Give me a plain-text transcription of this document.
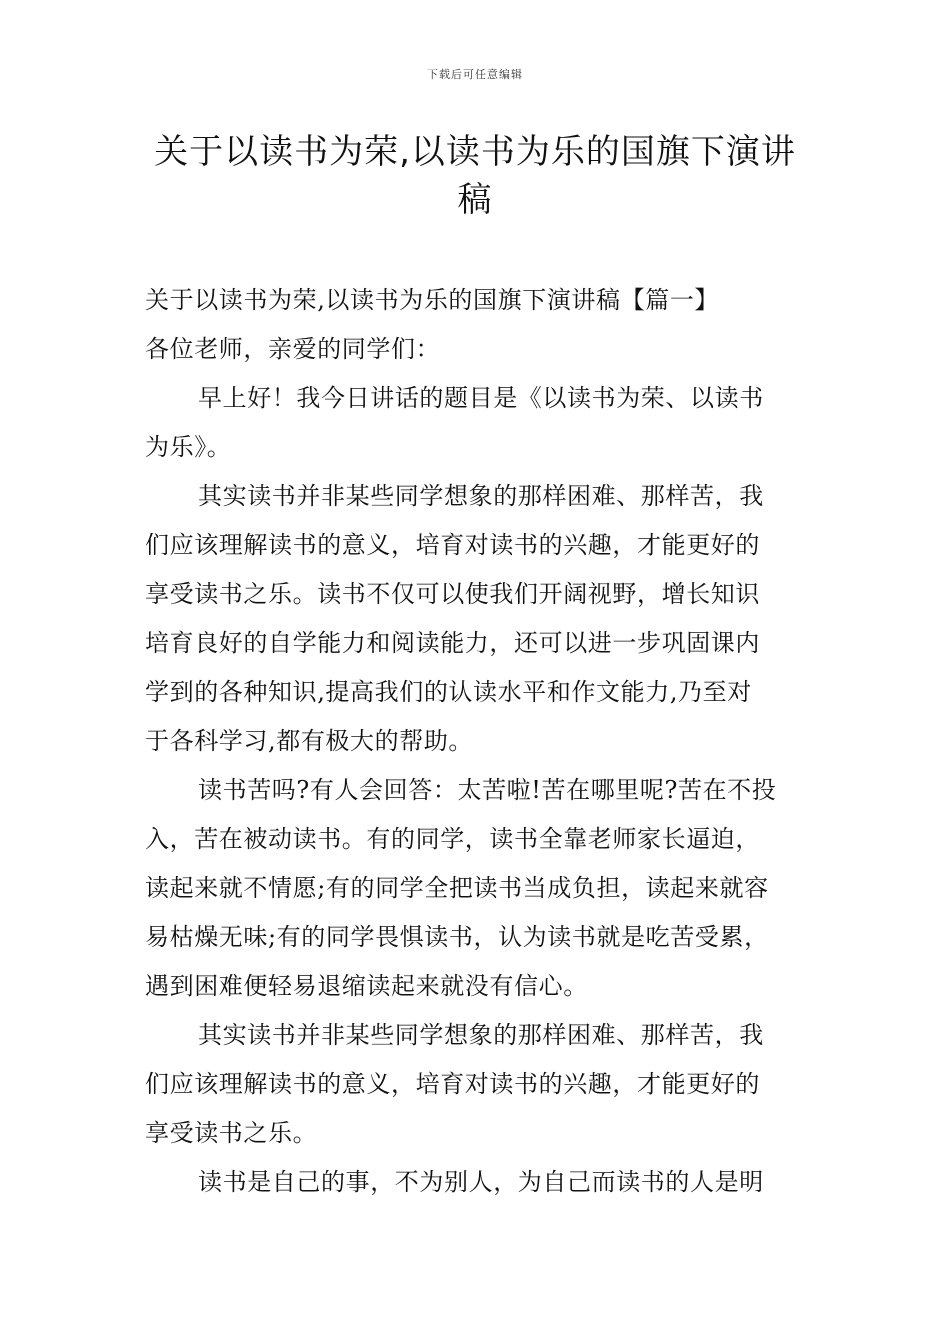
下载后可任意编辑
关于以读书为荣,以读书为乐的国旗下演讲
稿

关于以读书为荣,以读书为乐的国旗下演讲稿【篇一】

各位老师，亲爱的同学们：

早上好！我今日讲话的题目是《以读书为荣、以读书

为乐》。

其实读书并非某些同学想象的那样困难、那样苦，我

们应该理解读书的意义，培育对读书的兴趣，才能更好的

享受读书之乐。读书不仅可以使我们开阔视野，增长知识

培育良好的自学能力和阅读能力，还可以进一步巩固课内

学到的各种知识,提高我们的认读水平和作文能力,乃至对

于各科学习,都有极大的帮助。

读书苦吗?有人会回答：太苦啦!苦在哪里呢?苦在不投

入，苦在被动读书。有的同学，读书全靠老师家长逼迫，

读起来就不情愿;有的同学全把读书当成负担，读起来就容

易枯燥无味;有的同学畏惧读书，认为读书就是吃苦受累，

遇到困难便轻易退缩读起来就没有信心。

其实读书并非某些同学想象的那样困难、那样苦，我

们应该理解读书的意义，培育对读书的兴趣，才能更好的

享受读书之乐。

读书是自己的事，不为别人，为自己而读书的人是明
